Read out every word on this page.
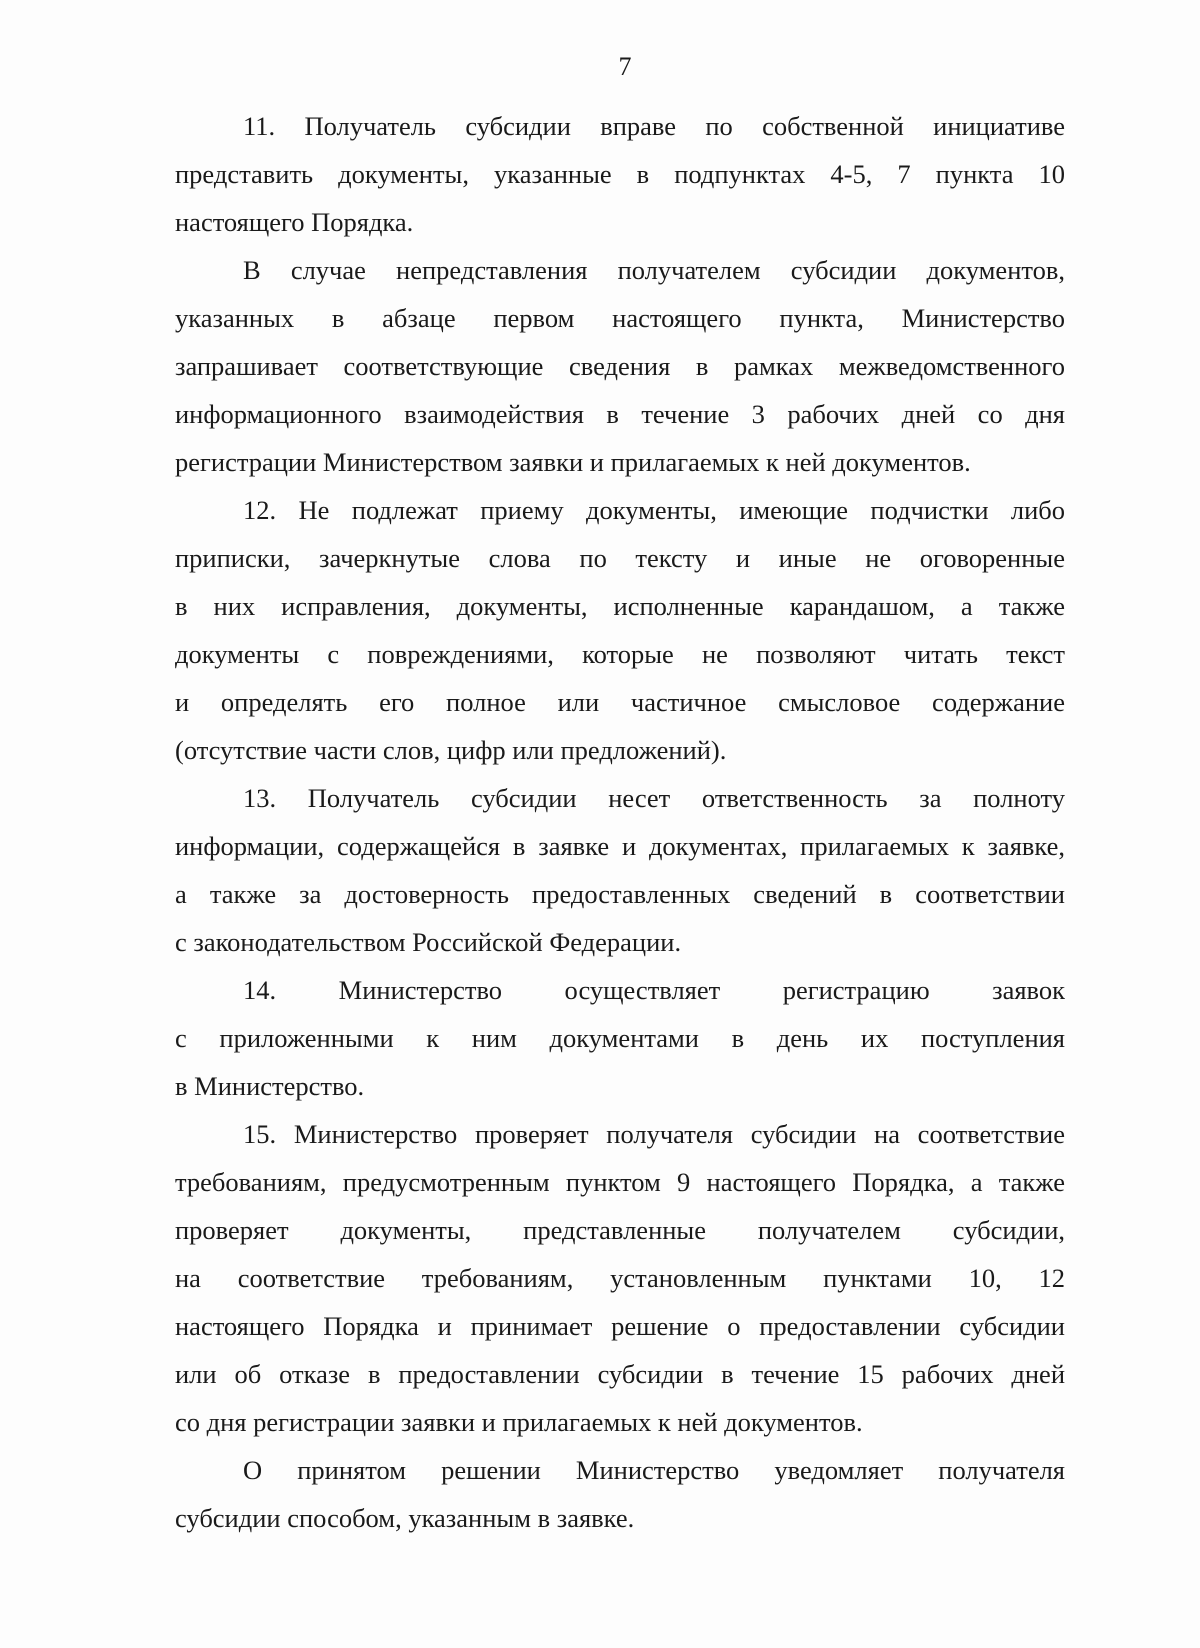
7
11. Получатель субсидии вправе по собственной инициативе
представить документы, указанные в подпунктах 4-5, 7 пункта 10
настоящего Порядка.
В случае непредставления получателем субсидии документов,
указанных в абзаце первом настоящего пункта, Министерство
запрашивает соответствующие сведения в рамках межведомственного
информационного взаимодействия в течение 3 рабочих дней со дня
регистрации Министерством заявки и прилагаемых к ней документов.
12. Не подлежат приему документы, имеющие подчистки либо
приписки, зачеркнутые слова по тексту и иные не оговоренные
в них исправления, документы, исполненные карандашом, а также
документы с повреждениями, которые не позволяют читать текст
и определять его полное или частичное смысловое содержание
(отсутствие части слов, цифр или предложений).
13. Получатель субсидии несет ответственность за полноту
информации, содержащейся в заявке и документах, прилагаемых к заявке,
а также за достоверность предоставленных сведений в соответствии
с законодательством Российской Федерации.
14. Министерство осуществляет регистрацию заявок
с приложенными к ним документами в день их поступления
в Министерство.
15. Министерство проверяет получателя субсидии на соответствие
требованиям, предусмотренным пунктом 9 настоящего Порядка, а также
проверяет документы, представленные получателем субсидии,
на соответствие требованиям, установленным пунктами 10, 12
настоящего Порядка и принимает решение о предоставлении субсидии
или об отказе в предоставлении субсидии в течение 15 рабочих дней
со дня регистрации заявки и прилагаемых к ней документов.
О принятом решении Министерство уведомляет получателя
субсидии способом, указанным в заявке.
